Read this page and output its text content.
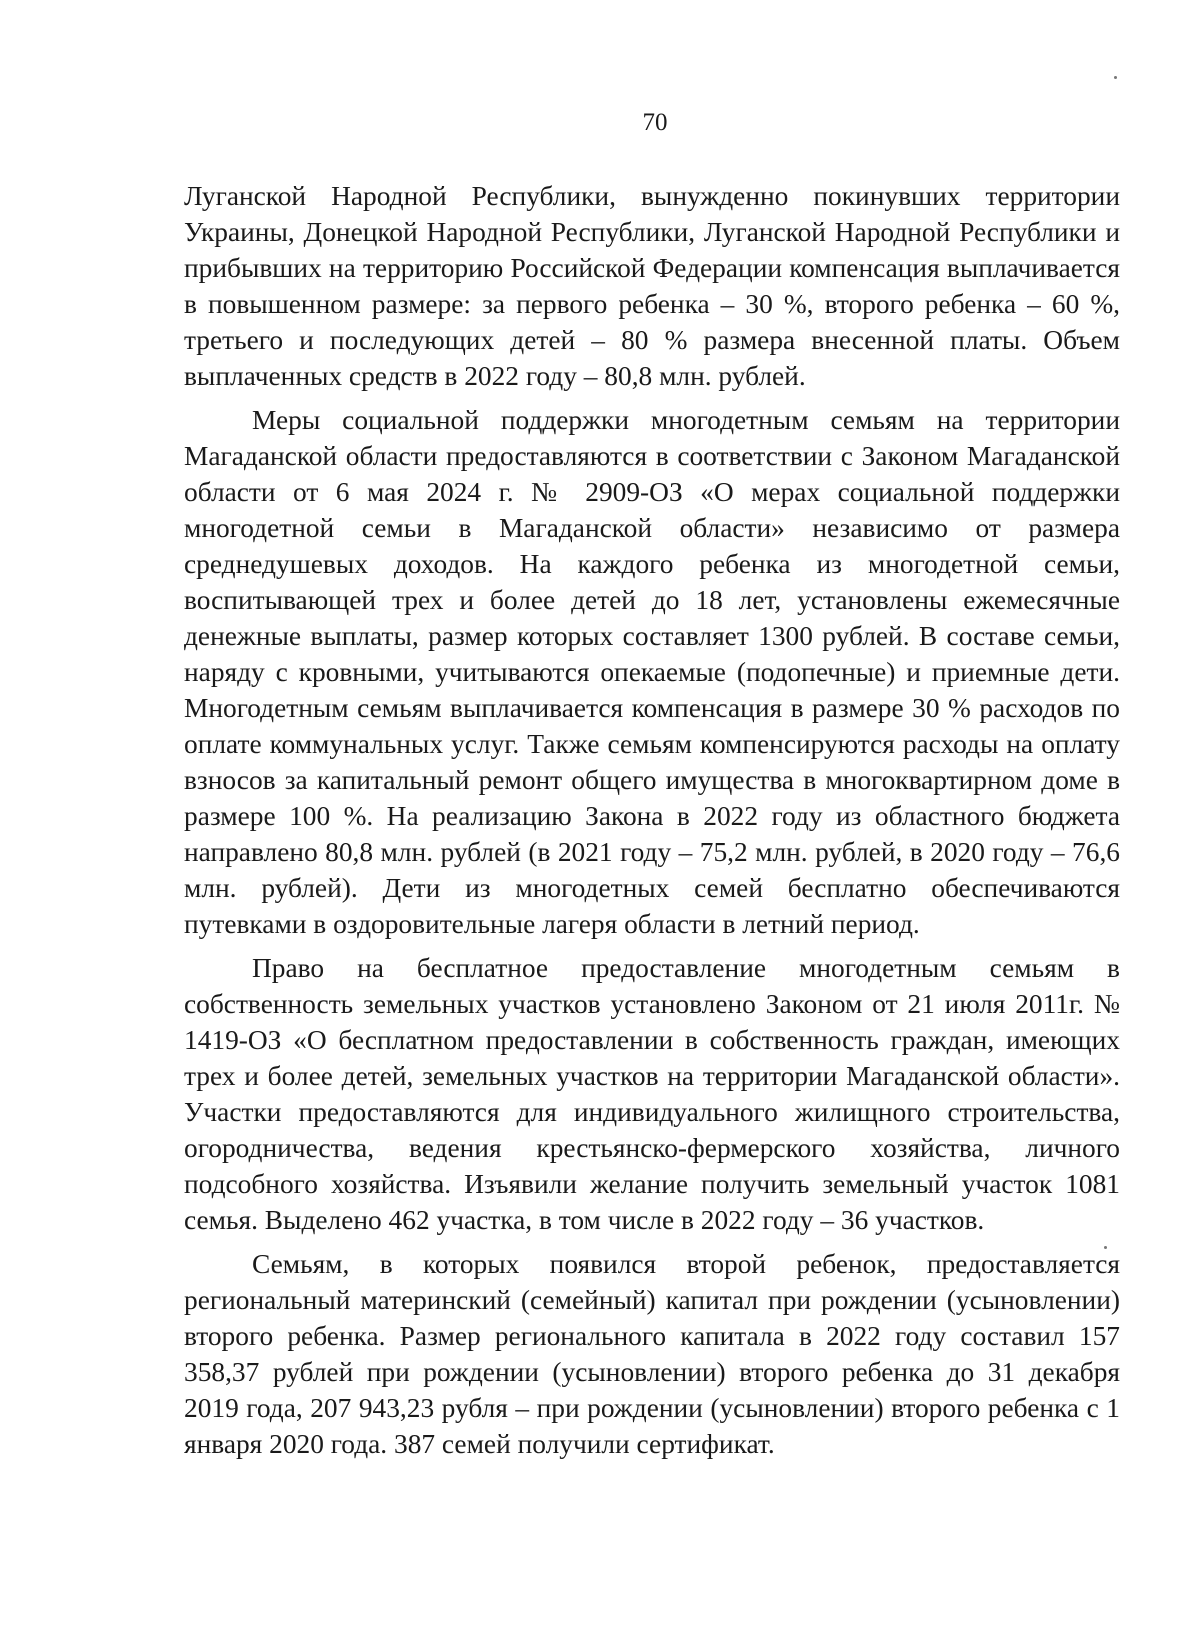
70

Луганской Народной Республики, вынужденно покинувших территории Украины, Донецкой Народной Республики, Луганской Народной Республики и прибывших на территорию Российской Федерации компенсация выплачивается в повышенном размере: за первого ребенка – 30 %, второго ребенка – 60 %, третьего и последующих детей – 80 % размера внесенной платы. Объем выплаченных средств в 2022 году – 80,8 млн. рублей.

Меры социальной поддержки многодетным семьям на территории Магаданской области предоставляются в соответствии с Законом Магаданской области от 6 мая 2024 г. № 2909-ОЗ «О мерах социальной поддержки многодетной семьи в Магаданской области» независимо от размера среднедушевых доходов. На каждого ребенка из многодетной семьи, воспитывающей трех и более детей до 18 лет, установлены ежемесячные денежные выплаты, размер которых составляет 1300 рублей. В составе семьи, наряду с кровными, учитываются опекаемые (подопечные) и приемные дети. Многодетным семьям выплачивается компенсация в размере 30 % расходов по оплате коммунальных услуг. Также семьям компенсируются расходы на оплату взносов за капитальный ремонт общего имущества в многоквартирном доме в размере 100 %. На реализацию Закона в 2022 году из областного бюджета направлено 80,8 млн. рублей (в 2021 году – 75,2 млн. рублей, в 2020 году – 76,6 млн. рублей). Дети из многодетных семей бесплатно обеспечиваются путевками в оздоровительные лагеря области в летний период.

Право на бесплатное предоставление многодетным семьям в собственность земельных участков установлено Законом от 21 июля 2011г. № 1419-ОЗ «О бесплатном предоставлении в собственность граждан, имеющих трех и более детей, земельных участков на территории Магаданской области». Участки предоставляются для индивидуального жилищного строительства, огородничества, ведения крестьянско-фермерского хозяйства, личного подсобного хозяйства. Изъявили желание получить земельный участок 1081 семья. Выделено 462 участка, в том числе в 2022 году – 36 участков.

Семьям, в которых появился второй ребенок, предоставляется региональный материнский (семейный) капитал при рождении (усыновлении) второго ребенка. Размер регионального капитала в 2022 году составил 157 358,37 рублей при рождении (усыновлении) второго ребенка до 31 декабря 2019 года, 207 943,23 рубля – при рождении (усыновлении) второго ребенка с 1 января 2020 года. 387 семей получили сертификат.
